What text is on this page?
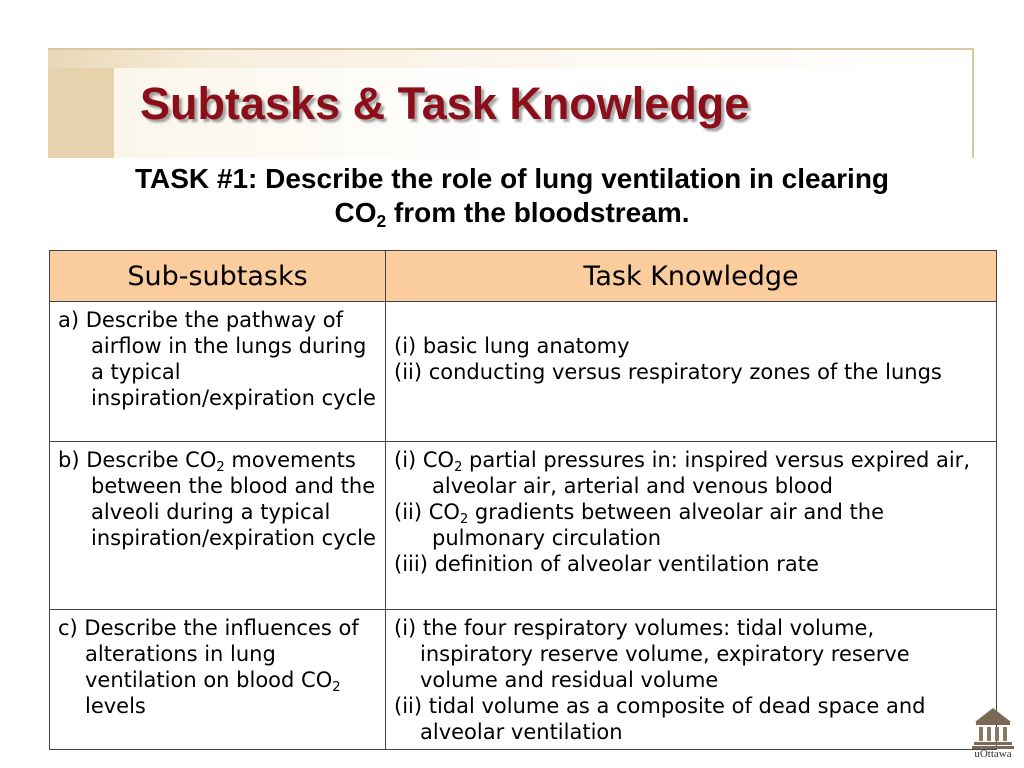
Subtasks & Task Knowledge

TASK #1: Describe the role of lung ventilation in clearing
$CO_2$ from the bloodstream.

Sub-subtasks	Task Knowledge

a) Describe the pathway of airflow in the lungs during a typical inspiration/expiration cycle	(i) basic lung anatomy
(ii) conducting versus respiratory zones of the lungs

b) Describe $CO_2$ movements between the blood and the alveoli during a typical inspiration/expiration cycle	(i) $CO_2$ partial pressures in: inspired versus expired air, alveolar air, arterial and venous blood
(ii) $CO_2$ gradients between alveolar air and the pulmonary circulation
(iii) definition of alveolar ventilation rate

c) Describe the influences of alterations in lung ventilation on blood $CO_2$ levels	(i) the four respiratory volumes: tidal volume, inspiratory reserve volume, expiratory reserve volume and residual volume
(ii) tidal volume as a composite of dead space and alveolar ventilation
uOttawa
